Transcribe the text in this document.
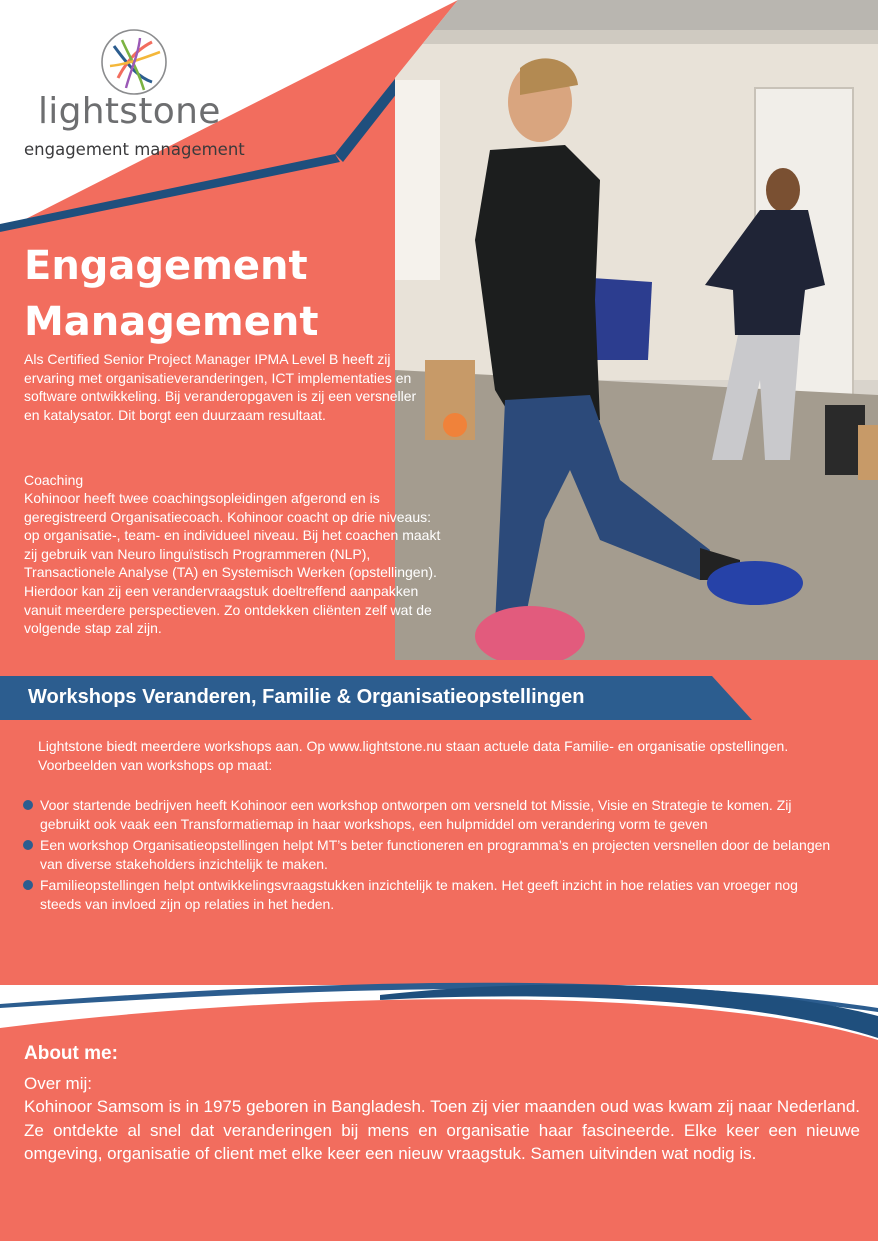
lightstone
engagement management
Engagement
Management

Als Certified Senior Project Manager IPMA Level B heeft zij ervaring met organisatieveranderingen, ICT implementaties en software ontwikkeling. Bij veranderopgaven is zij een versneller en katalysator. Dit borgt een duurzaam resultaat.

Coaching

Kohinoor heeft twee coachingsopleidingen afgerond en is geregistreerd Organisatiecoach. Kohinoor coacht op drie niveaus: op organisatie-, team- en individueel niveau. Bij het coachen maakt zij gebruik van Neuro linguïstisch Programmeren (NLP), Transactionele Analyse (TA) en Systemisch Werken (opstellingen). Hierdoor kan zij een verandervraagstuk doeltreffend aanpakken vanuit meerdere perspectieven. Zo ontdekken cliënten zelf wat de volgende stap zal zijn.

Workshops Veranderen, Familie & Organisatieopstellingen

Lightstone biedt meerdere workshops aan. Op www.lightstone.nu staan actuele data Familie- en organisatie opstellingen. Voorbeelden van workshops op maat:

Voor startende bedrijven heeft Kohinoor een workshop ontworpen om versneld tot Missie, Visie en Strategie te komen. Zij gebruikt ook vaak een Transformatiemap in haar workshops, een hulpmiddel om verandering vorm te geven
Een workshop Organisatieopstellingen helpt MT’s beter functioneren en programma’s en projecten versnellen door de belangen van diverse stakeholders inzichtelijk te maken.
Familieopstellingen helpt ontwikkelingsvraagstukken inzichtelijk te maken. Het geeft inzicht in hoe relaties van vroeger nog steeds van invloed zijn op relaties in het heden.
About me:

Over mij:

Kohinoor Samsom is in 1975 geboren in Bangladesh. Toen zij vier maanden oud was kwam zij naar Nederland. Ze ontdekte al snel dat veranderingen bij mens en organisatie haar fascineerde. Elke keer een nieuwe omgeving, organisatie of client met elke keer een nieuw vraagstuk. Samen uitvinden wat nodig is.
